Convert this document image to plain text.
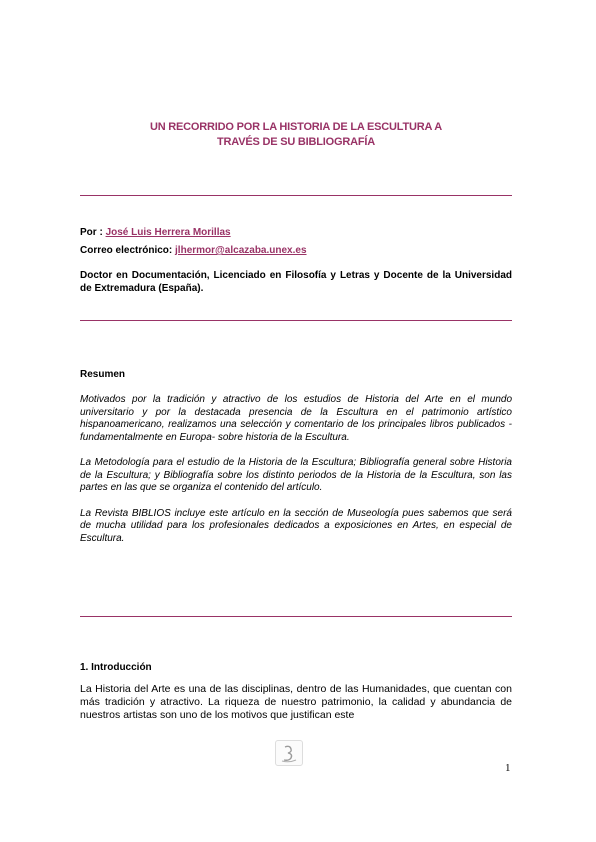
UN RECORRIDO POR LA HISTORIA DE LA ESCULTURA A
TRAVÉS DE SU BIBLIOGRAFÍA
Por : José Luis Herrera Morillas
Correo electrónico: jlhermor@alcazaba.unex.es
Doctor en Documentación, Licenciado en Filosofía y Letras y Docente de la Universidad de Extremadura (España).
Resumen

Motivados por la tradición y atractivo de los estudios de Historia del Arte en el mundo universitario y por la destacada presencia de la Escultura en el patrimonio artístico hispanoamericano, realizamos una selección y comentario de los principales libros publicados -fundamentalmente en Europa- sobre historia de la Escultura.

La Metodología para el estudio de la Historia de la Escultura; Bibliografía general sobre Historia de la Escultura; y Bibliografía sobre los distinto periodos de la Historia de la Escultura, son las partes en las que se organiza el contenido del artículo.

La Revista BIBLIOS incluye este artículo en la sección de Museología pues sabemos que será de mucha utilidad para los profesionales dedicados a exposiciones en Artes, en especial de Escultura.

1. Introducción
La Historia del Arte es una de las disciplinas, dentro de las Humanidades, que cuentan con más tradición y atractivo. La riqueza de nuestro patrimonio, la calidad y abundancia de nuestros artistas son uno de los motivos que justifican este
1
